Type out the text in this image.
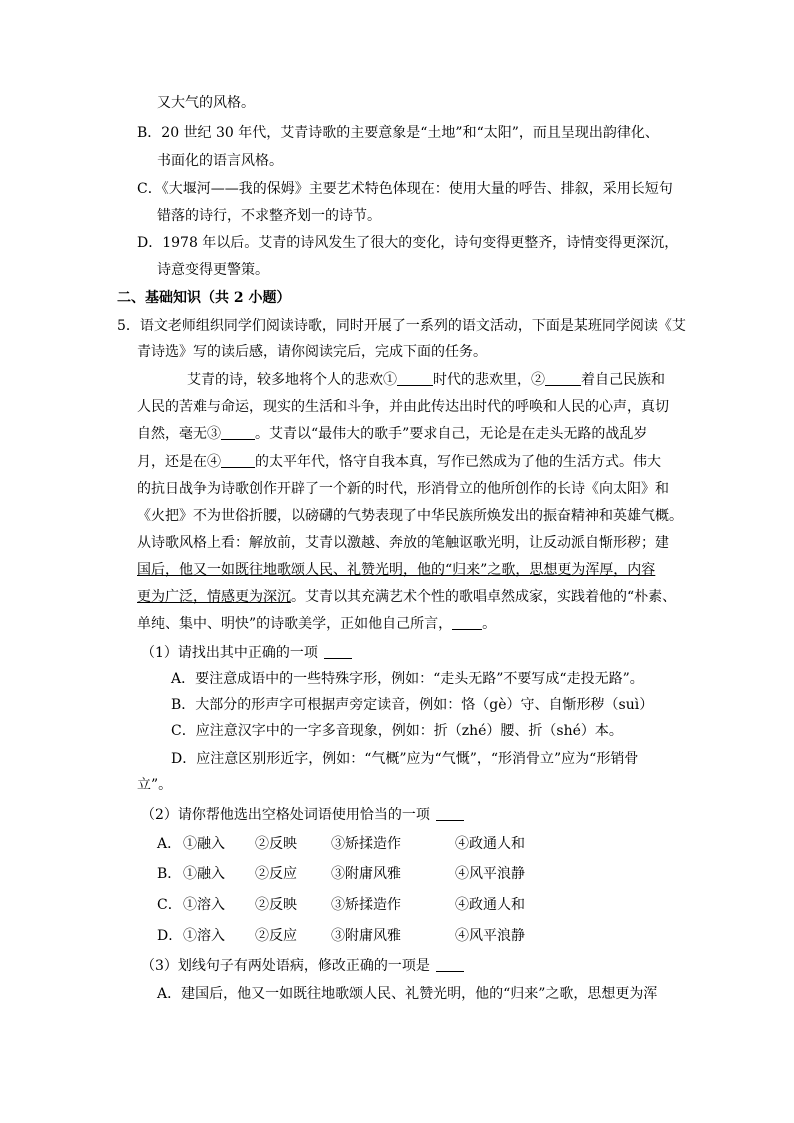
又大气的风格。
B．20 世纪 30 年代，艾青诗歌的主要意象是“土地”和“太阳”，而且呈现出韵律化、
书面化的语言风格。
C．《大堰河——我的保姆》主要艺术特色体现在：使用大量的呼告、排叙，采用长短句
错落的诗行，不求整齐划一的诗节。
D．1978 年以后。艾青的诗风发生了很大的变化，诗句变得更整齐，诗情变得更深沉，
诗意变得更警策。
二、基础知识（共 2 小题）
5．语文老师组织同学们阅读诗歌，同时开展了一系列的语文活动，下面是某班同学阅读《艾
青诗选》写的读后感，请你阅读完后，完成下面的任务。
艾青的诗，较多地将个人的悲欢①	时代的悲欢里，②	着自己民族和
人民的苦难与命运，现实的生活和斗争，并由此传达出时代的呼唤和人民的心声，真切
自然，毫无③ 。艾青以“最伟大的歌手”要求自己，无论是在走头无路的战乱岁
月，还是在④ 的太平年代，恪守自我本真，写作已然成为了他的生活方式。伟大
的抗日战争为诗歌创作开辟了一个新的时代，形消骨立的他所创作的长诗《向太阳》和
《火把》不为世俗折腰，以磅礴的气势表现了中华民族所焕发出的振奋精神和英雄气概。
从诗歌风格上看：解放前，艾青以激越、奔放的笔触讴歌光明，让反动派自惭形秽；建
国后，他又一如既往地歌颂人民、礼赞光明，他的“归来”之歌，思想更为浑厚，内容
更为广泛，情感更为深沉。艾青以其充满艺术个性的歌唱卓然成家，实践着他的“朴素、
单纯、集中、明快”的诗歌美学，正如他自己所言， 。
（1）请找出其中正确的一项
A．要注意成语中的一些特殊字形，例如：“走头无路”不要写成“走投无路”。
B．大部分的形声字可根据声旁定读音，例如：恪（gè）守、自惭形秽（suì）
C．应注意汉字中的一字多音现象，例如：折（zhé）腰、折（shé）本。
D．应注意区别形近字，例如：“气概”应为“气慨”，“形消骨立”应为“形销骨
立”。
（2）请你帮他选出空格处词语使用恰当的一项
A． ①融入 ②反映 ③矫揉造作	④政通人和
B． ①融入 ②反应 ③附庸风雅	④风平浪静
C． ①溶入 ②反映 ③矫揉造作	④政通人和
D． ①溶入 ②反应 ③附庸风雅	④风平浪静
（3）划线句子有两处语病，修改正确的一项是
A．建国后，他又一如既往地歌颂人民、礼赞光明，他的“归来”之歌，思想更为浑
